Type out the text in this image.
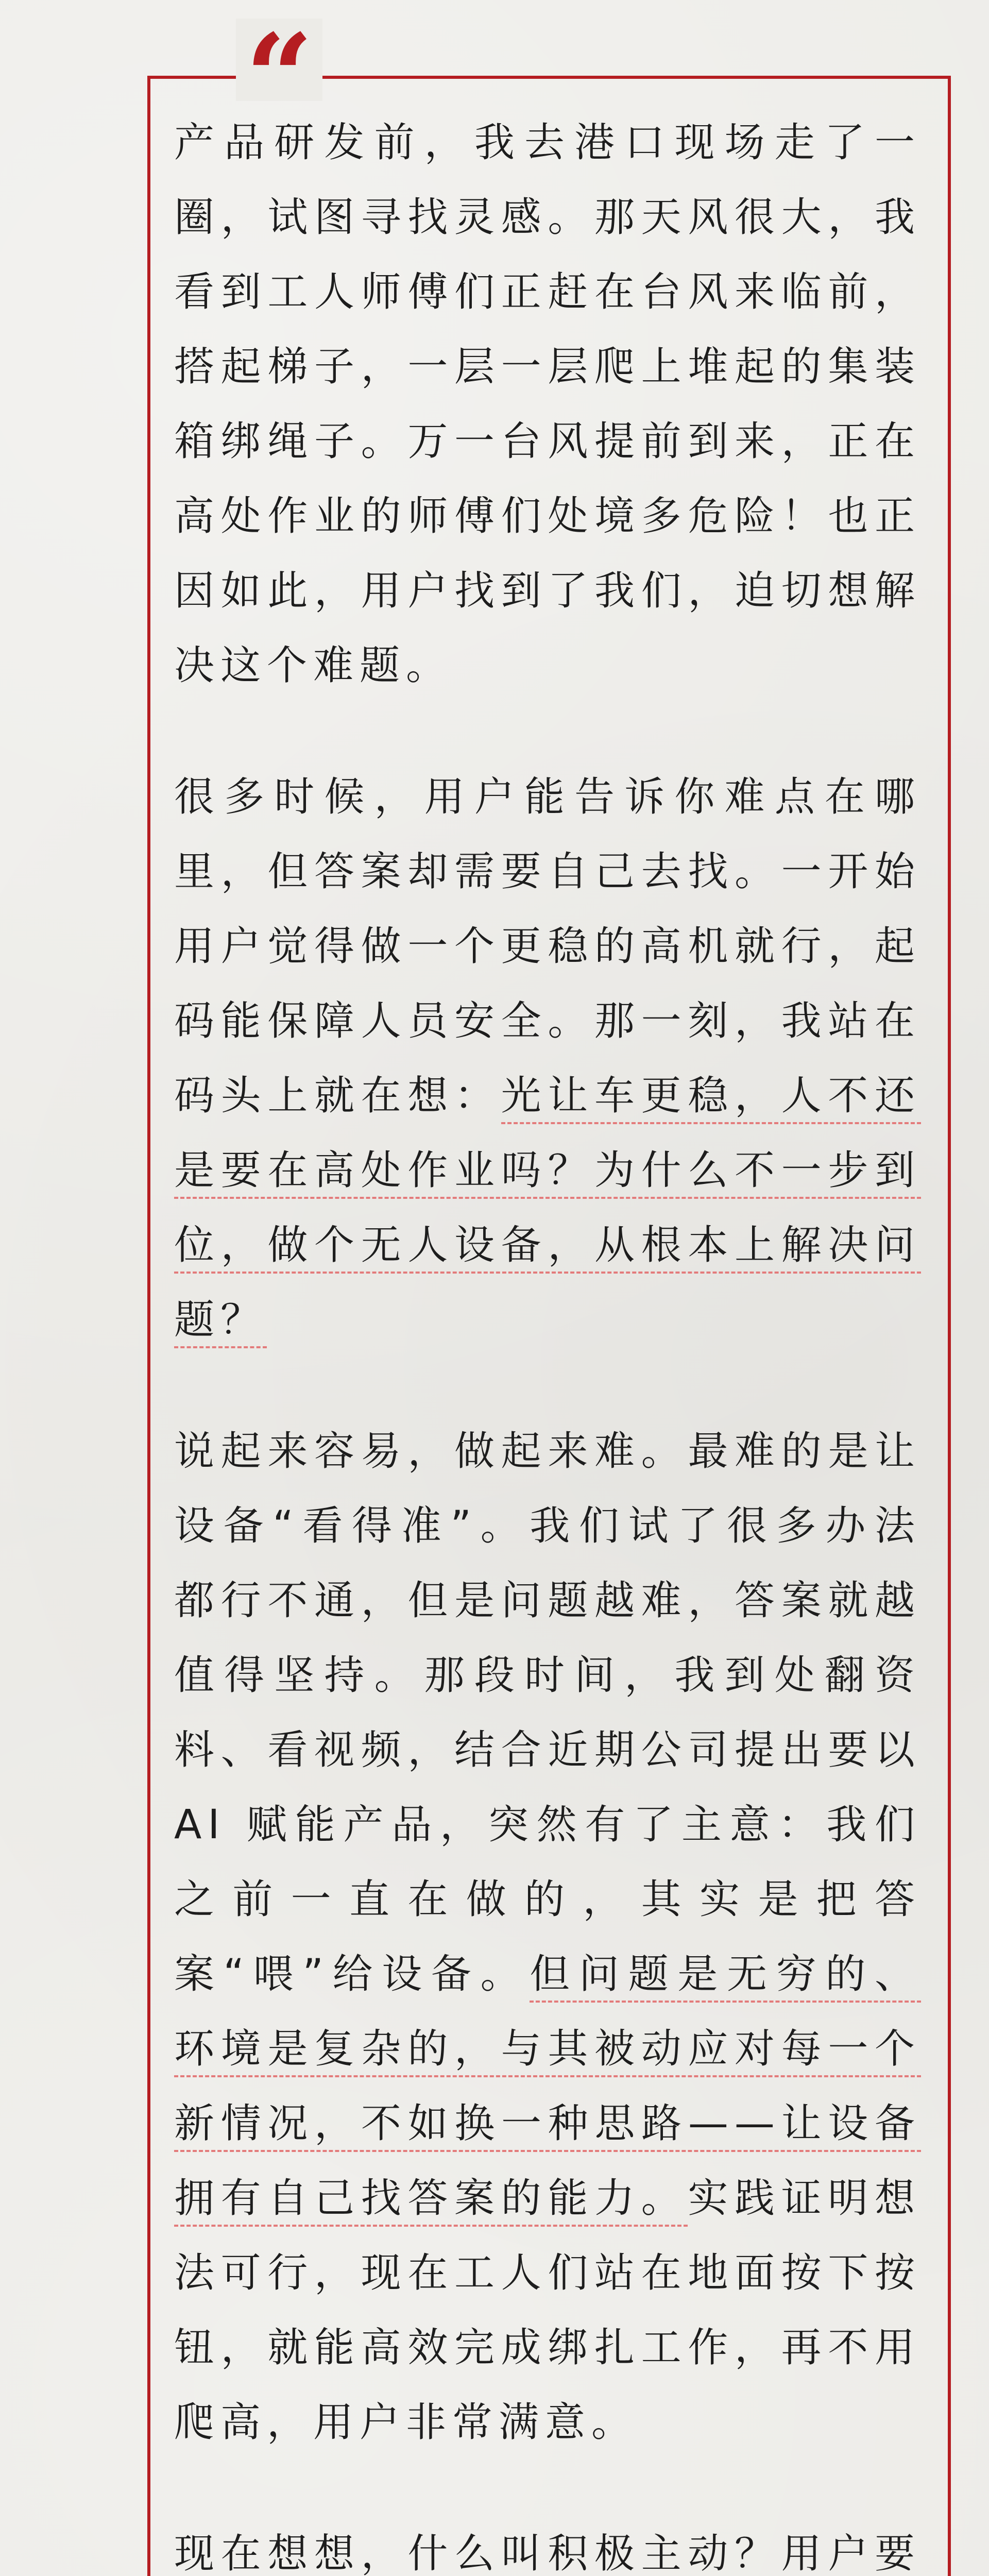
“

产品研发前，我去港口现场走了一圈，试图寻找灵感。那天风很大，我看到工人师傅们正赶在台风来临前，搭起梯子，一层一层爬上堆起的集装箱绑绳子。万一台风提前到来，正在高处作业的师傅们处境多危险！也正因如此，用户找到了我们，迫切想解决这个难题。

很多时候，用户能告诉你难点在哪里，但答案却需要自己去找。一开始用户觉得做一个更稳的高机就行，起码能保障人员安全。那一刻，我站在码头上就在想：光让车更稳，人不还是要在高处作业吗？为什么不一步到位，做个无人设备，从根本上解决问题？

说起来容易，做起来难。最难的是让设备“看得准”。我们试了很多办法都行不通，但是问题越难，答案就越值得坚持。那段时间，我到处翻资料、看视频，结合近期公司提出要以 AI 赋能产品，突然有了主意：我们之前一直在做的，其实是把答案“喂”给设备。但问题是无穷的、环境是复杂的，与其被动应对每一个新情况，不如换一种思路——让设备拥有自己找答案的能力。实践证明想法可行，现在工人们站在地面按下按钮，就能高效完成绑扎工作，再不用爬高，用户非常满意。

现在想想，什么叫积极主动？用户要
